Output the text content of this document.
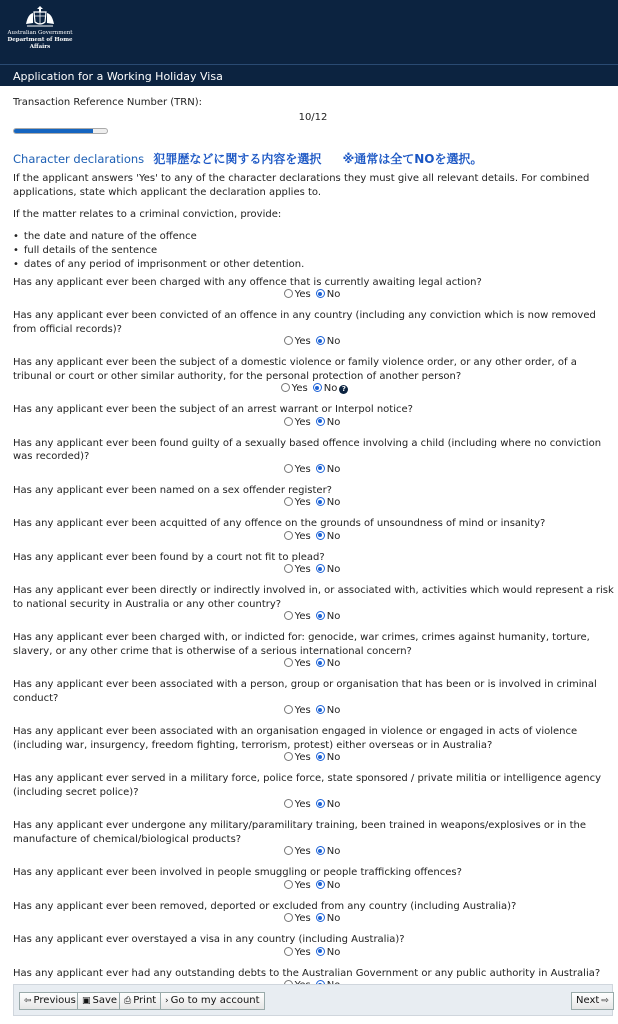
Australian Government
Department of Home Affairs
Application for a Working Holiday Visa
Transaction Reference Number (TRN):
10/12
Character declarations 犯罪歴などに関する内容を選択 ※通常は全てNOを選択。
If the applicant answers 'Yes' to any of the character declarations they must give all relevant details. For combined applications, state which applicant the declaration applies to.
If the matter relates to a criminal conviction, provide:
• the date and nature of the offence
• full details of the sentence
• dates of any period of imprisonment or other detention.
Has any applicant ever been charged with any offence that is currently awaiting legal action?
Yes No
Has any applicant ever been convicted of an offence in any country (including any conviction which is now removed from official records)?
Yes No
Has any applicant ever been the subject of a domestic violence or family violence order, or any other order, of a tribunal or court or other similar authority, for the personal protection of another person?
Yes No ?
Has any applicant ever been the subject of an arrest warrant or Interpol notice?
Yes No
Has any applicant ever been found guilty of a sexually based offence involving a child (including where no conviction was recorded)?
Yes No
Has any applicant ever been named on a sex offender register?
Yes No
Has any applicant ever been acquitted of any offence on the grounds of unsoundness of mind or insanity?
Yes No
Has any applicant ever been found by a court not fit to plead?
Yes No
Has any applicant ever been directly or indirectly involved in, or associated with, activities which would represent a risk to national security in Australia or any other country?
Yes No
Has any applicant ever been charged with, or indicted for: genocide, war crimes, crimes against humanity, torture, slavery, or any other crime that is otherwise of a serious international concern?
Yes No
Has any applicant ever been associated with a person, group or organisation that has been or is involved in criminal conduct?
Yes No
Has any applicant ever been associated with an organisation engaged in violence or engaged in acts of violence (including war, insurgency, freedom fighting, terrorism, protest) either overseas or in Australia?
Yes No
Has any applicant ever served in a military force, police force, state sponsored / private militia or intelligence agency (including secret police)?
Yes No
Has any applicant ever undergone any military/paramilitary training, been trained in weapons/explosives or in the manufacture of chemical/biological products?
Yes No
Has any applicant ever been involved in people smuggling or people trafficking offences?
Yes No
Has any applicant ever been removed, deported or excluded from any country (including Australia)?
Yes No
Has any applicant ever overstayed a visa in any country (including Australia)?
Yes No
Has any applicant ever had any outstanding debts to the Australian Government or any public authority in Australia?
⇦ Previous ▣ Save ⎙ Print › Go to my account	Next ⇨
